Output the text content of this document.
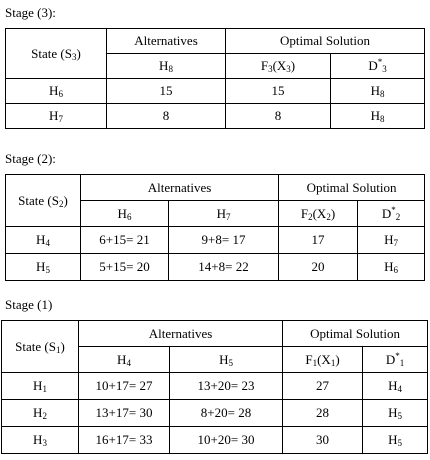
Stage (3):
State $(S_3)$	Alternatives	Optimal Solution	
	$H_8$	$F_3(X_3)$	$D^*_3$
$H_6$	15	15	$H_8$
$H_7$	8	8	$H_8$
Stage (2):
State $(S_2)$	Alternatives		Optimal Solution	
	$H_6$	$H_7$	$F_2(X_2)$	$D^*_2$
$H_4$	6+15= 21	9+8= 17	17	$H_7$
$H_5$	5+15= 20	14+8= 22	20	$H_6$
Stage (1)
State $(S_1)$	Alternatives		Optimal Solution	
	$H_4$	$H_5$	$F_1(X_1)$	$D^*_1$
$H_1$	10+17= 27	13+20= 23	27	$H_4$
$H_2$	13+17= 30	8+20= 28	28	$H_5$
$H_3$	16+17= 33	10+20= 30	30	$H_5$
